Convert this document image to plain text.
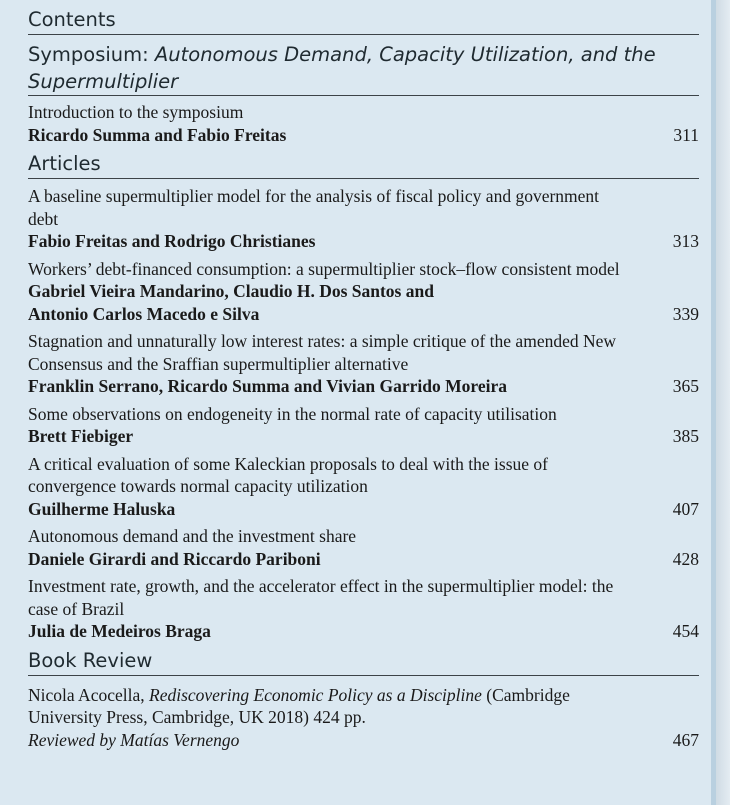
Contents
Symposium: Autonomous Demand, Capacity Utilization, and the Supermultiplier
Introduction to the symposium
Ricardo Summa and Fabio Freitas	311
Articles
A baseline supermultiplier model for the analysis of fiscal policy and government debt
Fabio Freitas and Rodrigo Christianes	313
Workers’ debt-financed consumption: a supermultiplier stock–flow consistent model
Gabriel Vieira Mandarino, Claudio H. Dos Santos and Antonio Carlos Macedo e Silva	339
Stagnation and unnaturally low interest rates: a simple critique of the amended New Consensus and the Sraffian supermultiplier alternative
Franklin Serrano, Ricardo Summa and Vivian Garrido Moreira	365
Some observations on endogeneity in the normal rate of capacity utilisation
Brett Fiebiger	385
A critical evaluation of some Kaleckian proposals to deal with the issue of convergence towards normal capacity utilization
Guilherme Haluska	407
Autonomous demand and the investment share
Daniele Girardi and Riccardo Pariboni	428
Investment rate, growth, and the accelerator effect in the supermultiplier model: the case of Brazil
Julia de Medeiros Braga	454
Book Review
Nicola Acocella, Rediscovering Economic Policy as a Discipline (Cambridge University Press, Cambridge, UK 2018) 424 pp.
Reviewed by Matías Vernengo	467
